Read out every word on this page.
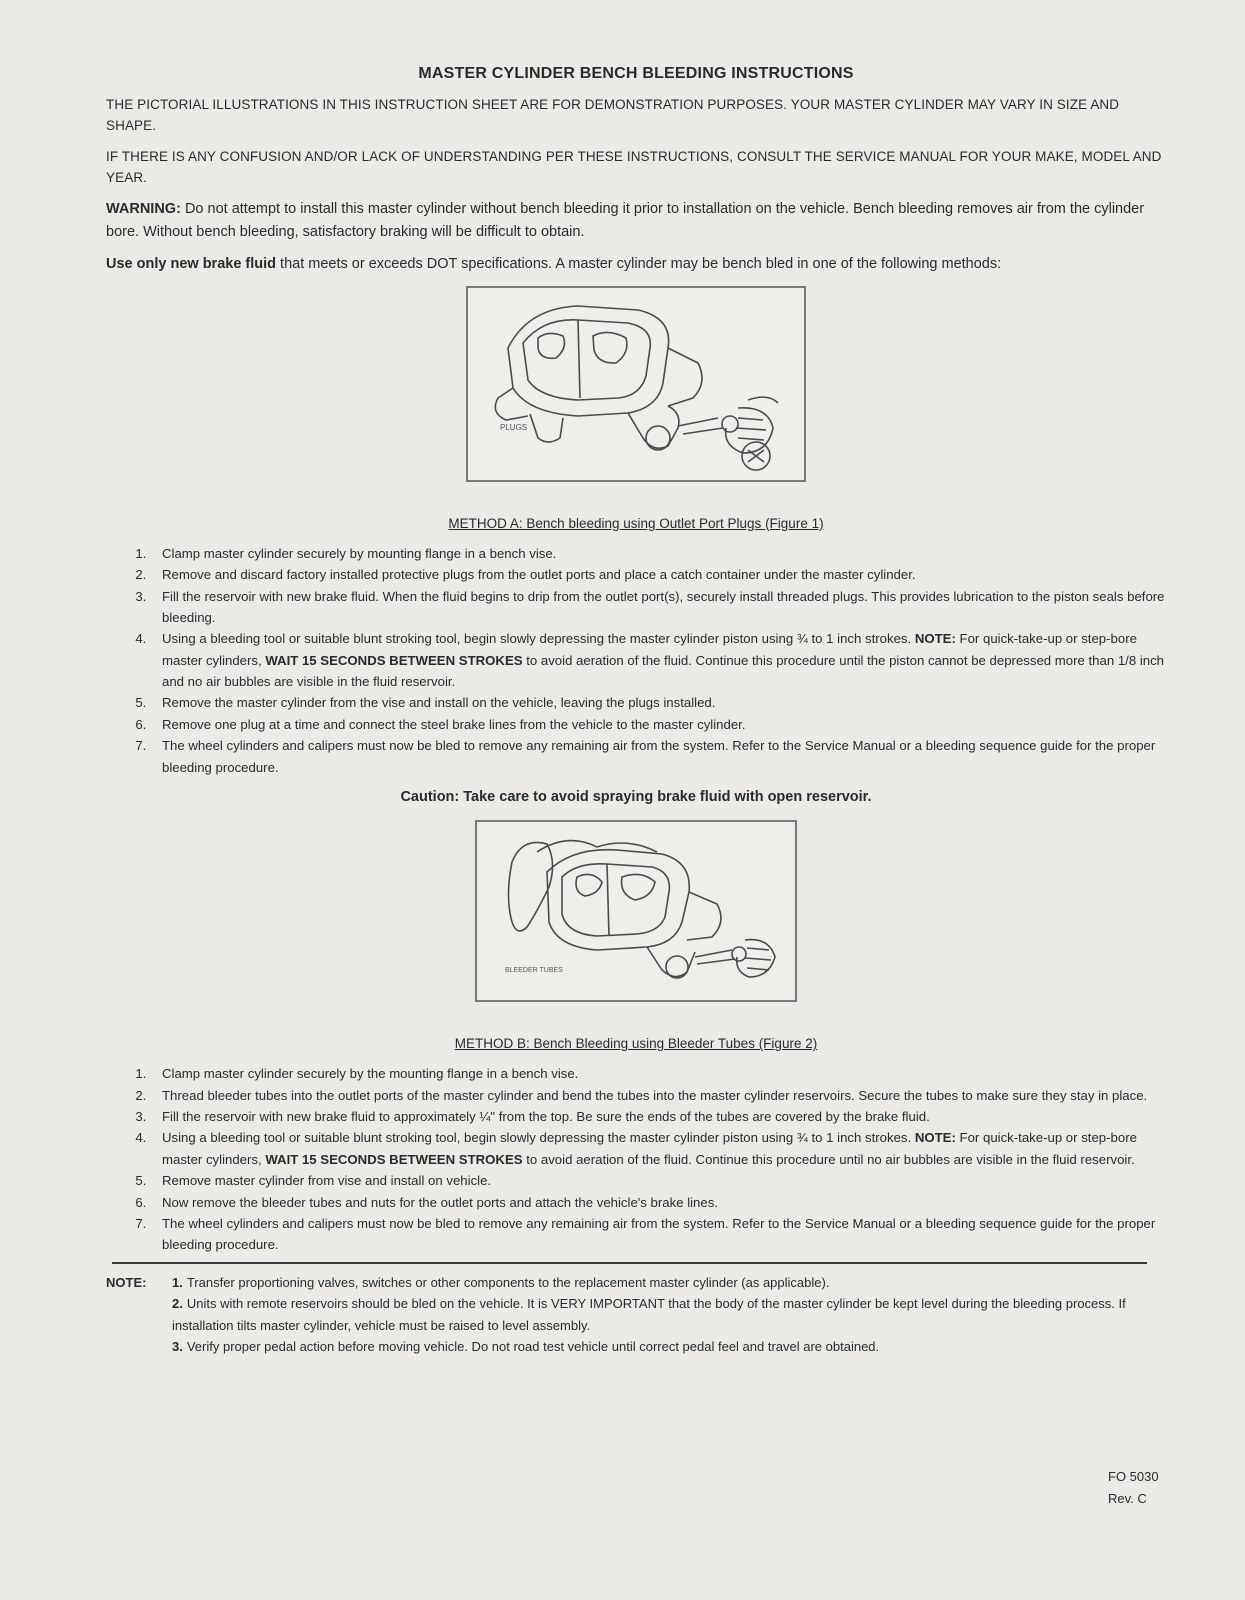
MASTER CYLINDER BENCH BLEEDING INSTRUCTIONS

THE PICTORIAL ILLUSTRATIONS IN THIS INSTRUCTION SHEET ARE FOR DEMONSTRATION PURPOSES. YOUR MASTER CYLINDER MAY VARY IN SIZE AND SHAPE.

IF THERE IS ANY CONFUSION AND/OR LACK OF UNDERSTANDING PER THESE INSTRUCTIONS, CONSULT THE SERVICE MANUAL FOR YOUR MAKE, MODEL AND YEAR.

WARNING: Do not attempt to install this master cylinder without bench bleeding it prior to installation on the vehicle. Bench bleeding removes air from the cylinder bore. Without bench bleeding, satisfactory braking will be difficult to obtain.

Use only new brake fluid that meets or exceeds DOT specifications. A master cylinder may be bench bled in one of the following methods:

PLUGS
METHOD A: Bench bleeding using Outlet Port Plugs (Figure 1)
1. Clamp master cylinder securely by mounting flange in a bench vise.
2. Remove and discard factory installed protective plugs from the outlet ports and place a catch container under the master cylinder.
3. Fill the reservoir with new brake fluid. When the fluid begins to drip from the outlet port(s), securely install threaded plugs. This provides lubrication to the piston seals before bleeding.
4. Using a bleeding tool or suitable blunt stroking tool, begin slowly depressing the master cylinder piston using ¾ to 1 inch strokes. NOTE: For quick-take-up or step-bore master cylinders, WAIT 15 SECONDS BETWEEN STROKES to avoid aeration of the fluid. Continue this procedure until the piston cannot be depressed more than 1/8 inch and no air bubbles are visible in the fluid reservoir.
5. Remove the master cylinder from the vise and install on the vehicle, leaving the plugs installed.
6. Remove one plug at a time and connect the steel brake lines from the vehicle to the master cylinder.
7. The wheel cylinders and calipers must now be bled to remove any remaining air from the system. Refer to the Service Manual or a bleeding sequence guide for the proper bleeding procedure.
Caution: Take care to avoid spraying brake fluid with open reservoir.
BLEEDER TUBES
METHOD B: Bench Bleeding using Bleeder Tubes (Figure 2)
1. Clamp master cylinder securely by the mounting flange in a bench vise.
2. Thread bleeder tubes into the outlet ports of the master cylinder and bend the tubes into the master cylinder reservoirs. Secure the tubes to make sure they stay in place.
3. Fill the reservoir with new brake fluid to approximately ¼" from the top. Be sure the ends of the tubes are covered by the brake fluid.
4. Using a bleeding tool or suitable blunt stroking tool, begin slowly depressing the master cylinder piston using ¾ to 1 inch strokes. NOTE: For quick-take-up or step-bore master cylinders, WAIT 15 SECONDS BETWEEN STROKES to avoid aeration of the fluid. Continue this procedure until no air bubbles are visible in the fluid reservoir.
5. Remove master cylinder from vise and install on vehicle.
6. Now remove the bleeder tubes and nuts for the outlet ports and attach the vehicle's brake lines.
7. The wheel cylinders and calipers must now be bled to remove any remaining air from the system. Refer to the Service Manual or a bleeding sequence guide for the proper bleeding procedure.
NOTE:	1. Transfer proportioning valves, switches or other components to the replacement master cylinder (as applicable).
2. Units with remote reservoirs should be bled on the vehicle. It is VERY IMPORTANT that the body of the master cylinder be kept level during the bleeding process. If installation tilts master cylinder, vehicle must be raised to level assembly.
3. Verify proper pedal action before moving vehicle. Do not road test vehicle until correct pedal feel and travel are obtained.
FO 5030
Rev. C
